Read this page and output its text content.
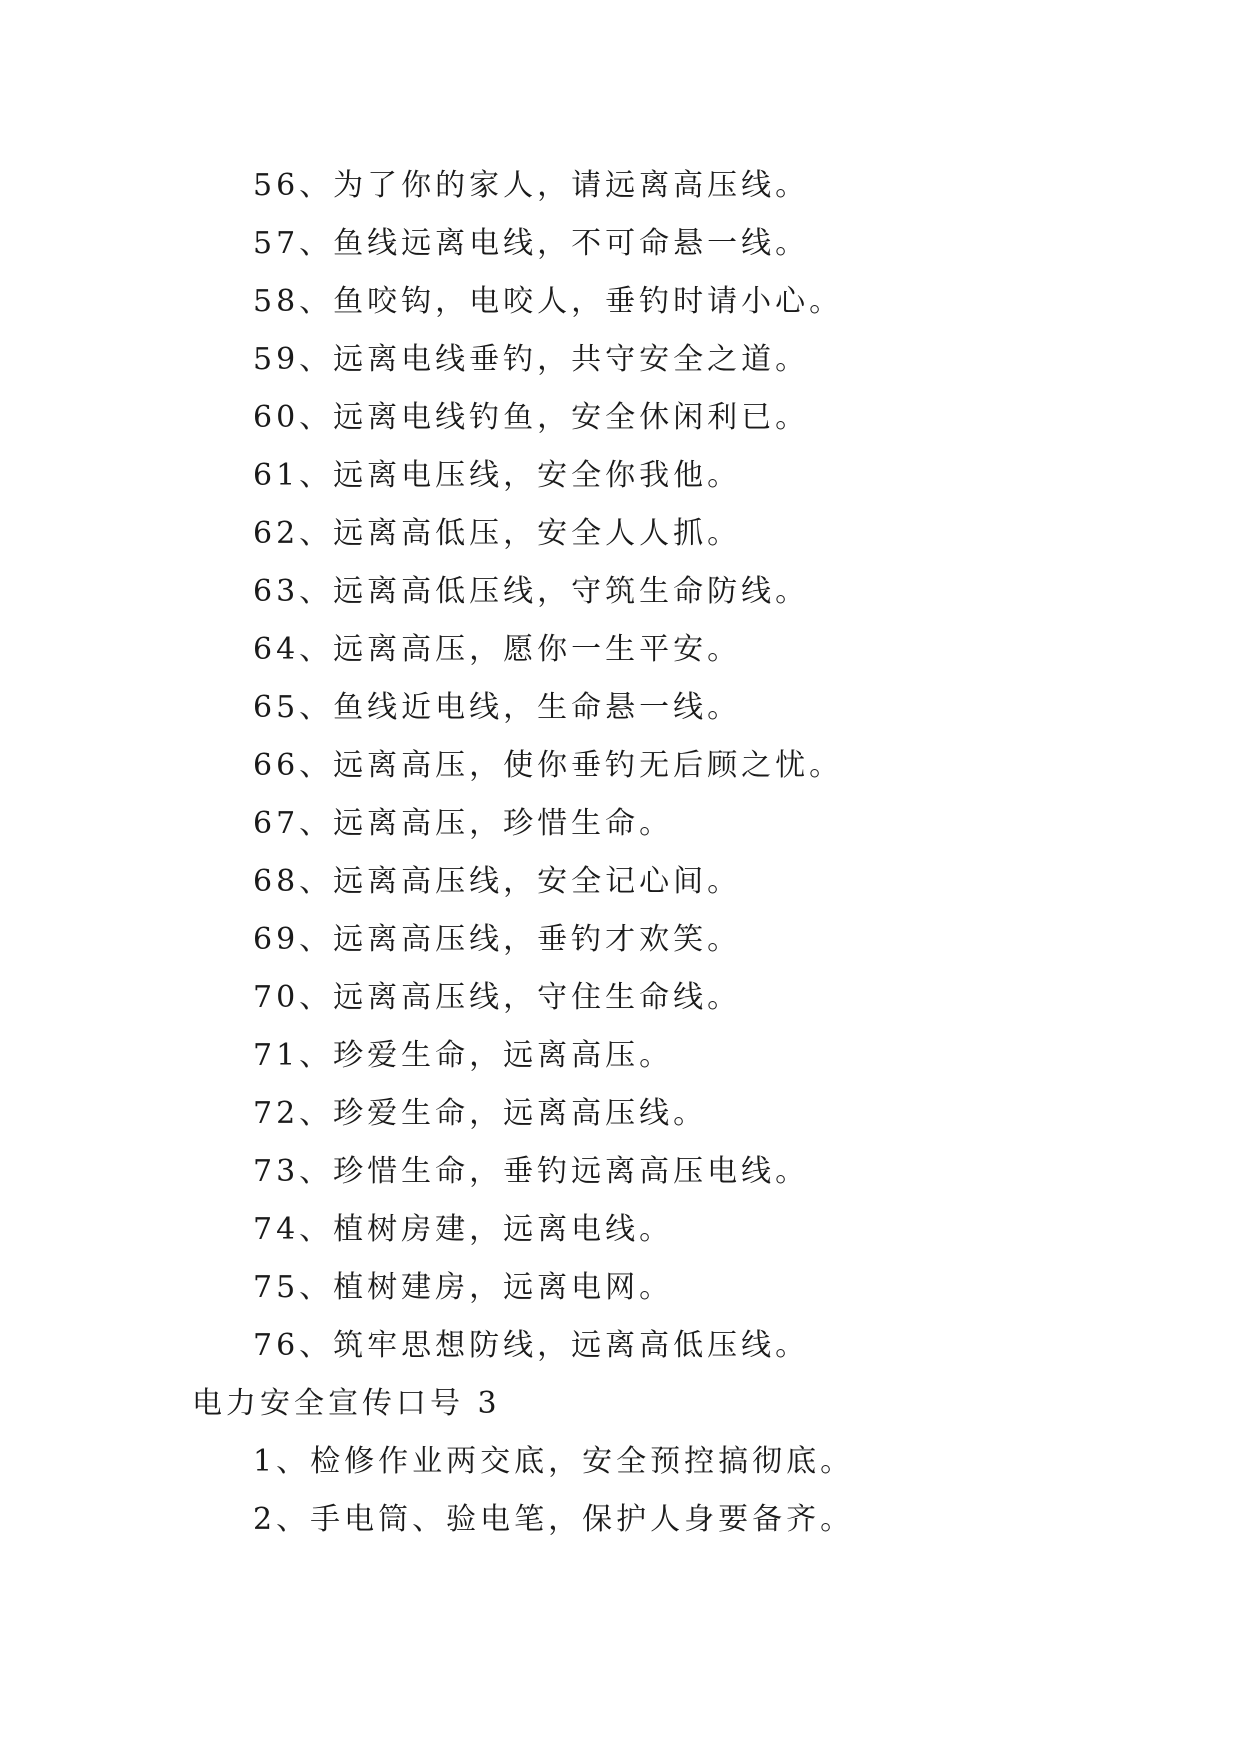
56、为了你的家人，请远离高压线。
57、鱼线远离电线，不可命悬一线。
58、鱼咬钩，电咬人，垂钓时请小心。
59、远离电线垂钓，共守安全之道。
60、远离电线钓鱼，安全休闲利已。
61、远离电压线，安全你我他。
62、远离高低压，安全人人抓。
63、远离高低压线，守筑生命防线。
64、远离高压，愿你一生平安。
65、鱼线近电线，生命悬一线。
66、远离高压，使你垂钓无后顾之忧。
67、远离高压，珍惜生命。
68、远离高压线，安全记心间。
69、远离高压线，垂钓才欢笑。
70、远离高压线，守住生命线。
71、珍爱生命，远离高压。
72、珍爱生命，远离高压线。
73、珍惜生命，垂钓远离高压电线。
74、植树房建，远离电线。
75、植树建房，远离电网。
76、筑牢思想防线，远离高低压线。
电力安全宣传口号 3
1、检修作业两交底，安全预控搞彻底。
2、手电筒、验电笔，保护人身要备齐。
